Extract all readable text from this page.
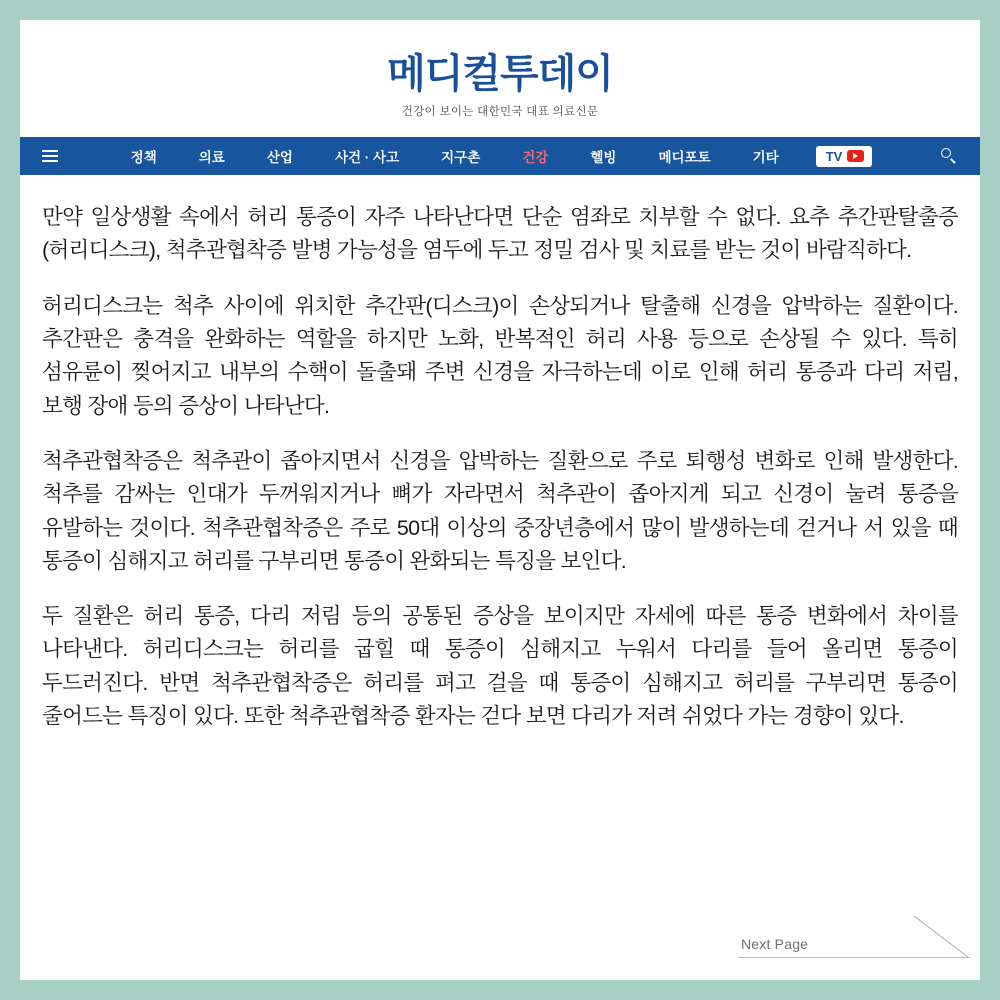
메디컬투데이
건강이 보이는 대한민국 대표 의료신문
정책	의료	산업	사건 · 사고	지구촌	건강	헬빙	메디포토	기타	TV

만약 일상생활 속에서 허리 통증이 자주 나타난다면 단순 염좌로 치부할 수 없다. 요추 추간판탈출증(허리디스크), 척추관협착증 발병 가능성을 염두에 두고 정밀 검사 및 치료를 받는 것이 바람직하다.

허리디스크는 척추 사이에 위치한 추간판(디스크)이 손상되거나 탈출해 신경을 압박하는 질환이다. 추간판은 충격을 완화하는 역할을 하지만 노화, 반복적인 허리 사용 등으로 손상될 수 있다. 특히 섬유륜이 찢어지고 내부의 수핵이 돌출돼 주변 신경을 자극하는데 이로 인해 허리 통증과 다리 저림, 보행 장애 등의 증상이 나타난다.

척추관협착증은 척추관이 좁아지면서 신경을 압박하는 질환으로 주로 퇴행성 변화로 인해 발생한다. 척추를 감싸는 인대가 두꺼워지거나 뼈가 자라면서 척추관이 좁아지게 되고 신경이 눌려 통증을 유발하는 것이다. 척추관협착증은 주로 50대 이상의 중장년층에서 많이 발생하는데 걷거나 서 있을 때 통증이 심해지고 허리를 구부리면 통증이 완화되는 특징을 보인다.

두 질환은 허리 통증, 다리 저림 등의 공통된 증상을 보이지만 자세에 따른 통증 변화에서 차이를 나타낸다. 허리디스크는 허리를 굽힐 때 통증이 심해지고 누워서 다리를 들어 올리면 통증이 두드러진다. 반면 척추관협착증은 허리를 펴고 걸을 때 통증이 심해지고 허리를 구부리면 통증이 줄어드는 특징이 있다. 또한 척추관협착증 환자는 걷다 보면 다리가 저려 쉬었다 가는 경향이 있다.

Next Page
